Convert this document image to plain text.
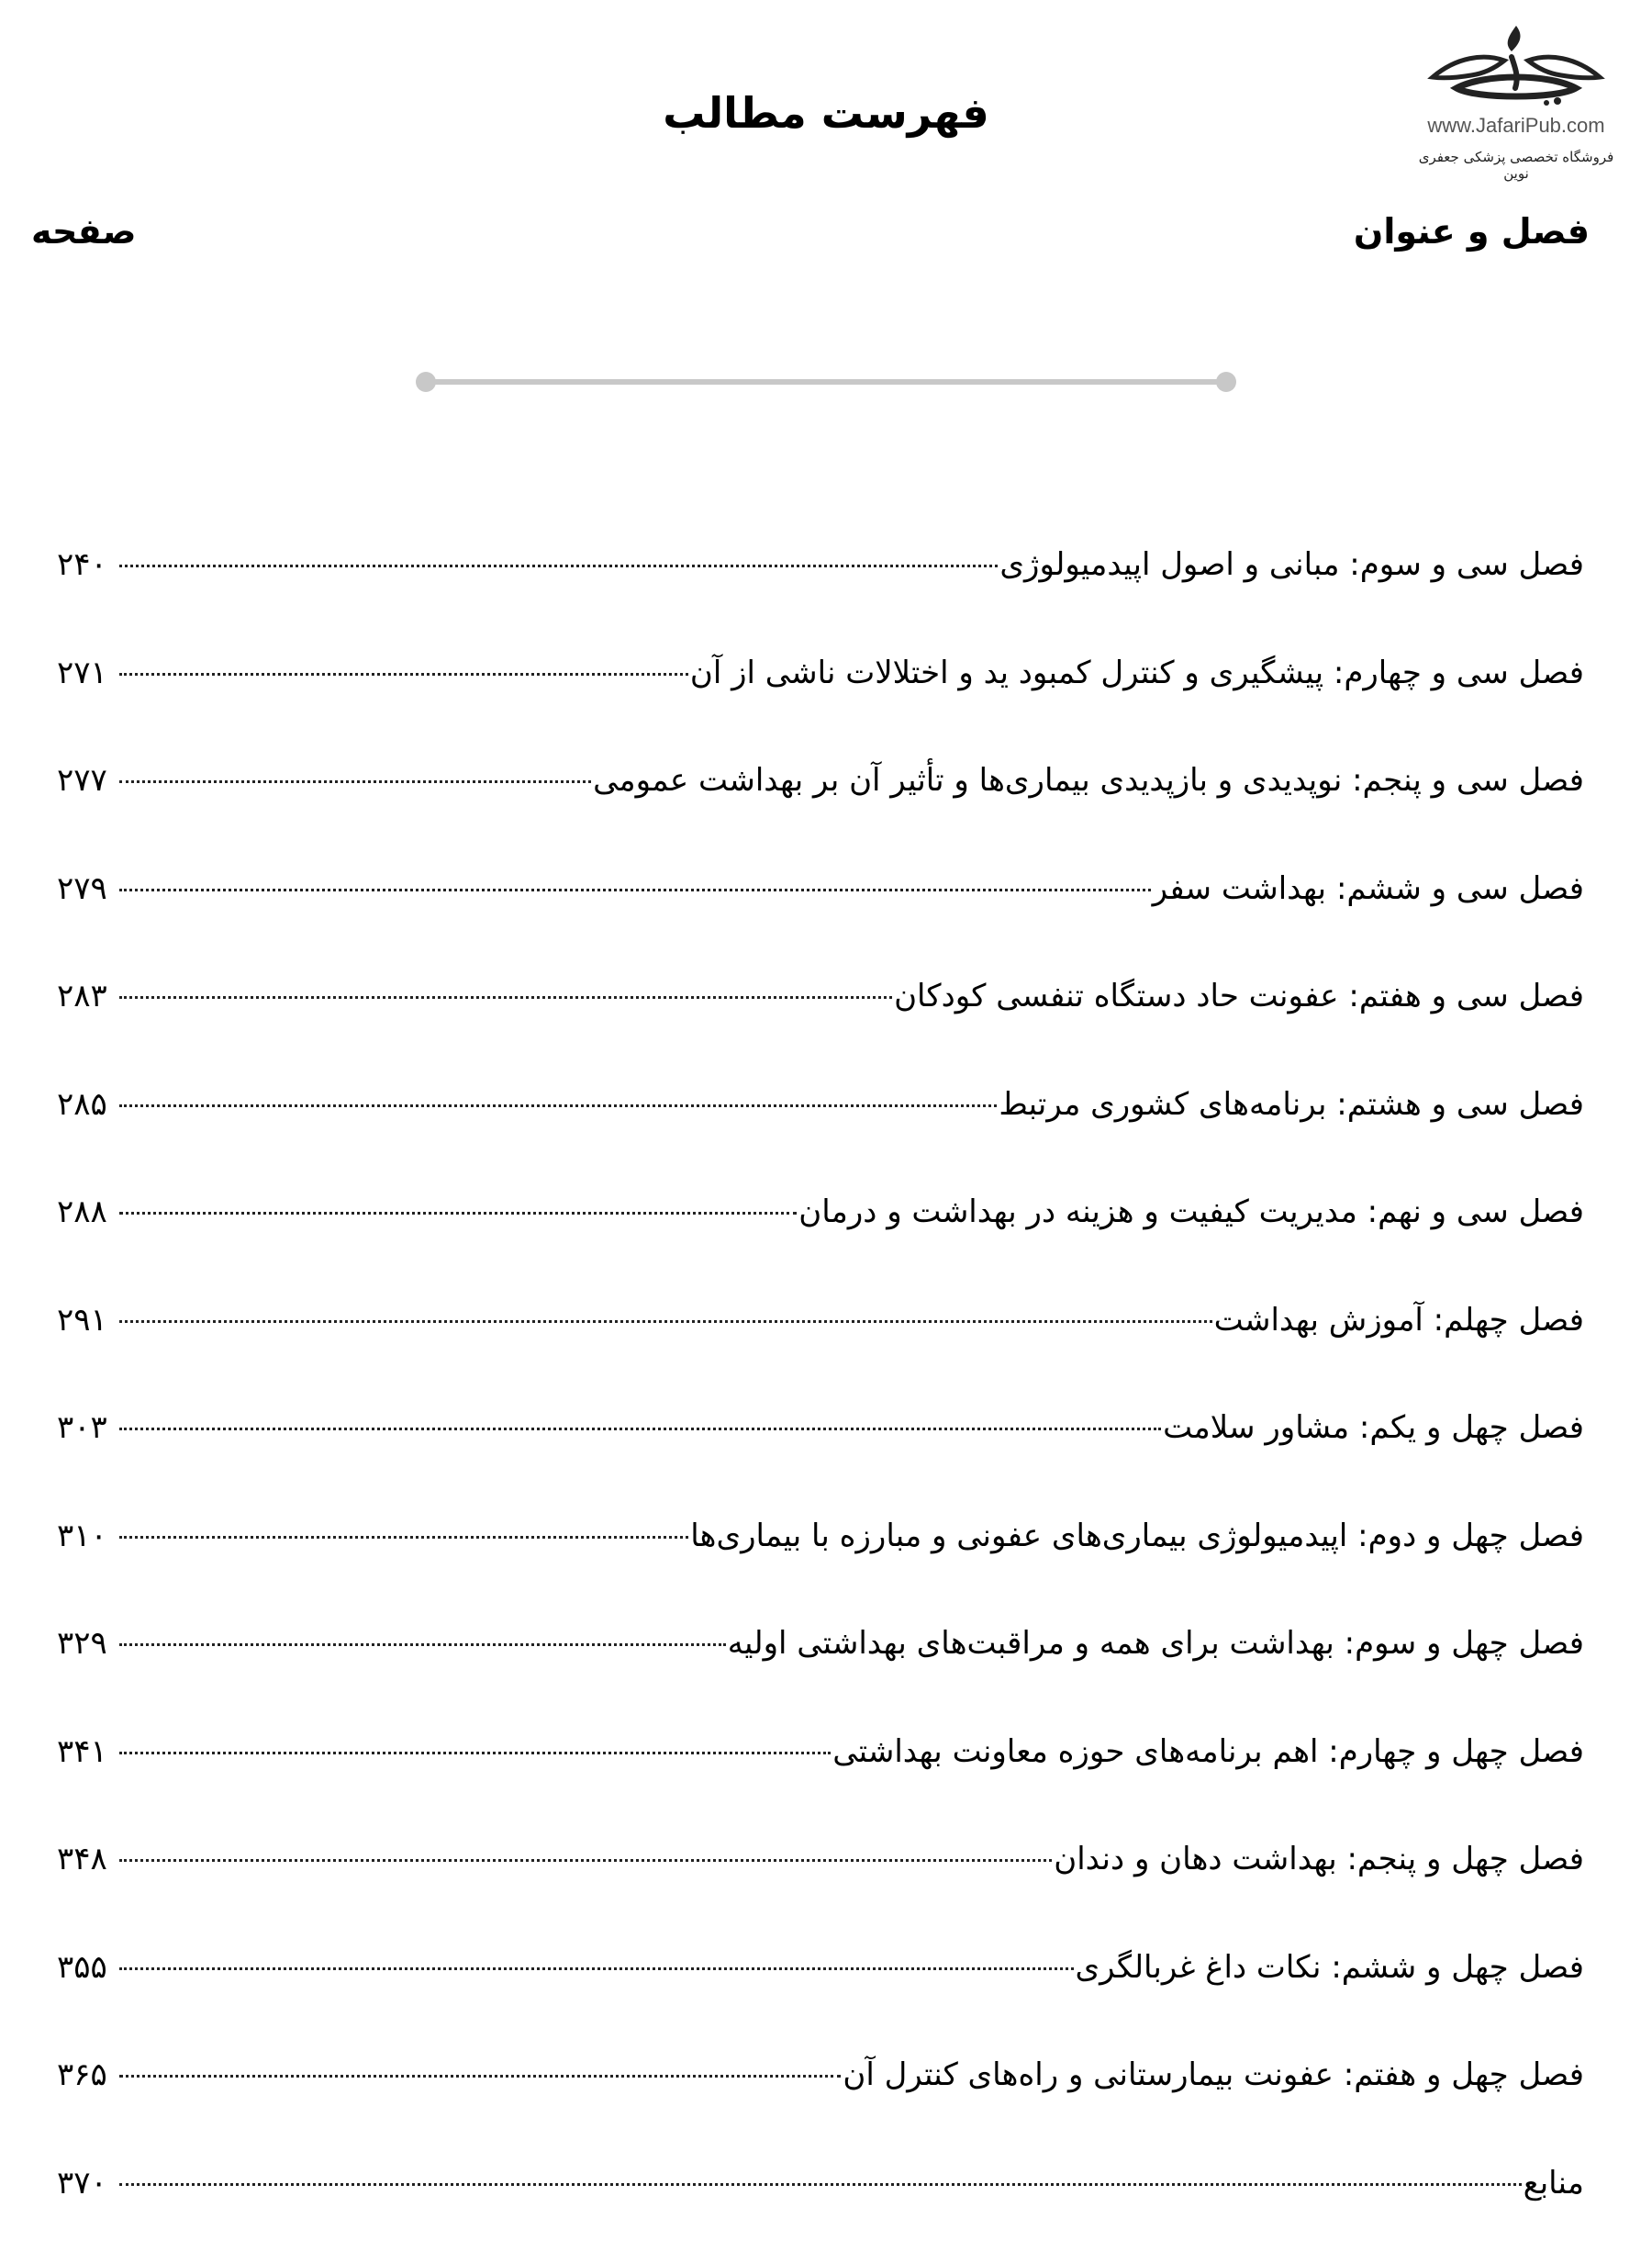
www.JafariPub.com
فروشگاه تخصصی پزشکی جعفری نوین
فهرست مطالب
فصل و عنوان
صفحه
فصل سی و سوم: مبانی و اصول اپیدمیولوژی
۲۴۰
فصل سی و چهارم: پیشگیری و کنترل کمبود ید و اختلالات ناشی از آن
۲۷۱
فصل سی و پنجم: نوپدیدی و بازپدیدی بیماری‌ها و تأثیر آن بر بهداشت عمومی
۲۷۷
فصل سی و ششم: بهداشت سفر
۲۷۹
فصل سی و هفتم: عفونت حاد دستگاه تنفسی کودکان
۲۸۳
فصل سی و هشتم: برنامه‌های کشوری مرتبط
۲۸۵
فصل سی و نهم: مدیریت کیفیت و هزینه در بهداشت و درمان
۲۸۸
فصل چهلم: آموزش بهداشت
۲۹۱
فصل چهل و یکم: مشاور سلامت
۳۰۳
فصل چهل و دوم: اپیدمیولوژی بیماری‌های عفونی و مبارزه با بیماری‌ها
۳۱۰
فصل چهل و سوم: بهداشت برای همه و مراقبت‌های بهداشتی اولیه
۳۲۹
فصل چهل و چهارم: اهم برنامه‌های حوزه معاونت بهداشتی
۳۴۱
فصل چهل و پنجم: بهداشت دهان و دندان
۳۴۸
فصل چهل و ششم: نکات داغ غربالگری
۳۵۵
فصل چهل و هفتم: عفونت بیمارستانی و راه‌های کنترل آن
۳۶۵
منابع
۳۷۰
